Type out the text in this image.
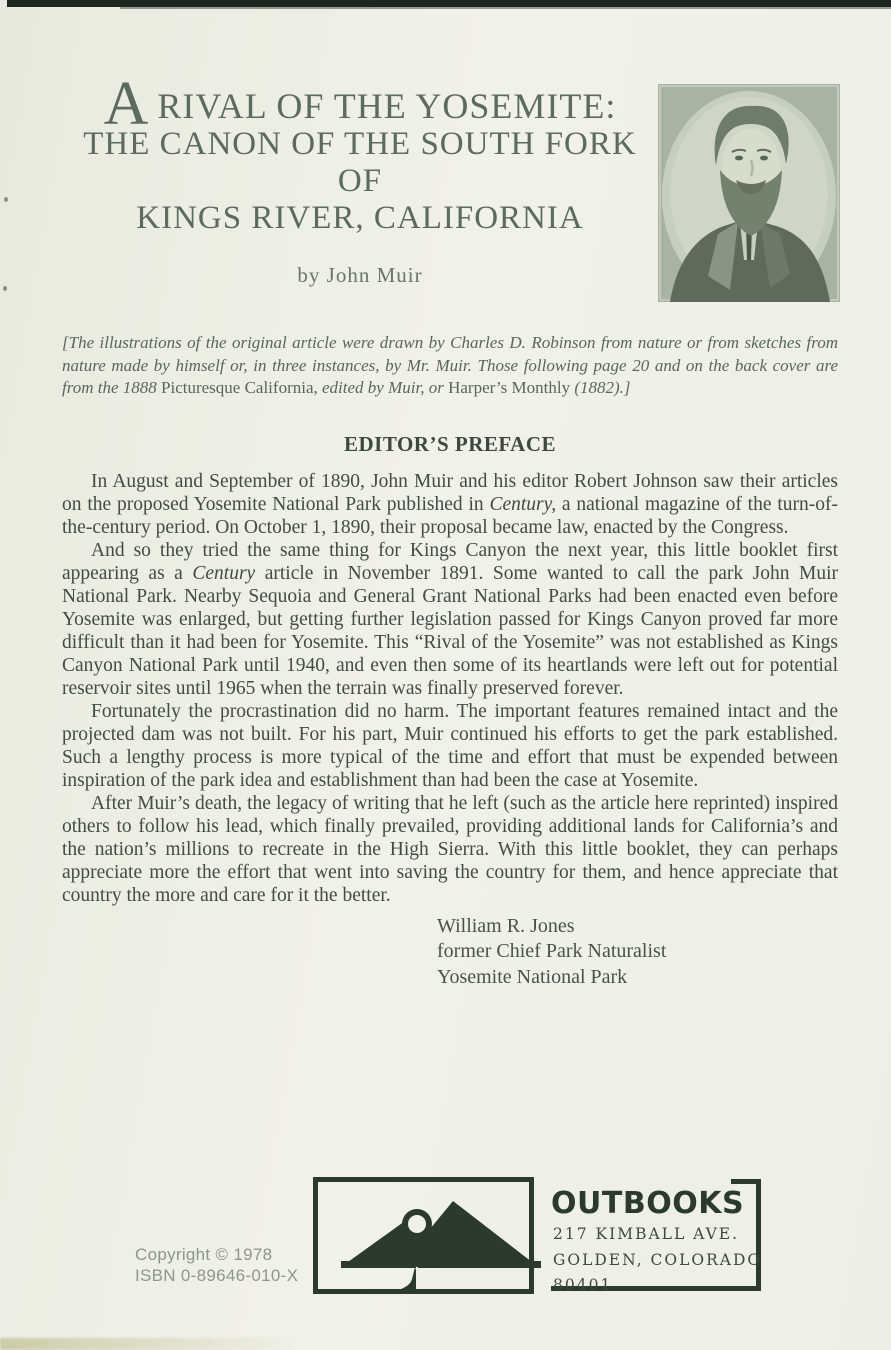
ARIVAL OF THE YOSEMITE:
THE CANON OF THE SOUTH FORK OF
KINGS RIVER, CALIFORNIA
by John Muir

[The illustrations of the original article were drawn by Charles D. Robinson from nature or from sketches from nature made by himself or, in three instances, by Mr. Muir. Those following page 20 and on the back cover are from the 1888 Picturesque California, edited by Muir, or Harper’s Monthly (1882).]

EDITOR’S PREFACE

In August and September of 1890, John Muir and his editor Robert Johnson saw their articles on the proposed Yosemite National Park published in Century, a national magazine of the turn-of-the-century period. On October 1, 1890, their proposal became law, enacted by the Congress.

And so they tried the same thing for Kings Canyon the next year, this little booklet first appearing as a Century article in November 1891. Some wanted to call the park John Muir National Park. Nearby Sequoia and General Grant National Parks had been enacted even before Yosemite was enlarged, but getting further legislation passed for Kings Canyon proved far more difficult than it had been for Yosemite. This “Rival of the Yosemite” was not established as Kings Canyon National Park until 1940, and even then some of its heartlands were left out for potential reservoir sites until 1965 when the terrain was finally preserved forever.

Fortunately the procrastination did no harm. The important features remained intact and the projected dam was not built. For his part, Muir continued his efforts to get the park established. Such a lengthy process is more typical of the time and effort that must be expended between inspiration of the park idea and establishment than had been the case at Yosemite.

After Muir’s death, the legacy of writing that he left (such as the article here reprinted) inspired others to follow his lead, which finally prevailed, providing additional lands for California’s and the nation’s millions to recreate in the High Sierra. With this little booklet, they can perhaps appreciate more the effort that went into saving the country for them, and hence appreciate that country the more and care for it the better.

William R. Jones
former Chief Park Naturalist
Yosemite National Park
Copyright © 1978
ISBN 0-89646-010-X
OUTBOOKS
217 KIMBALL AVE.
GOLDEN, COLORADO
80401
